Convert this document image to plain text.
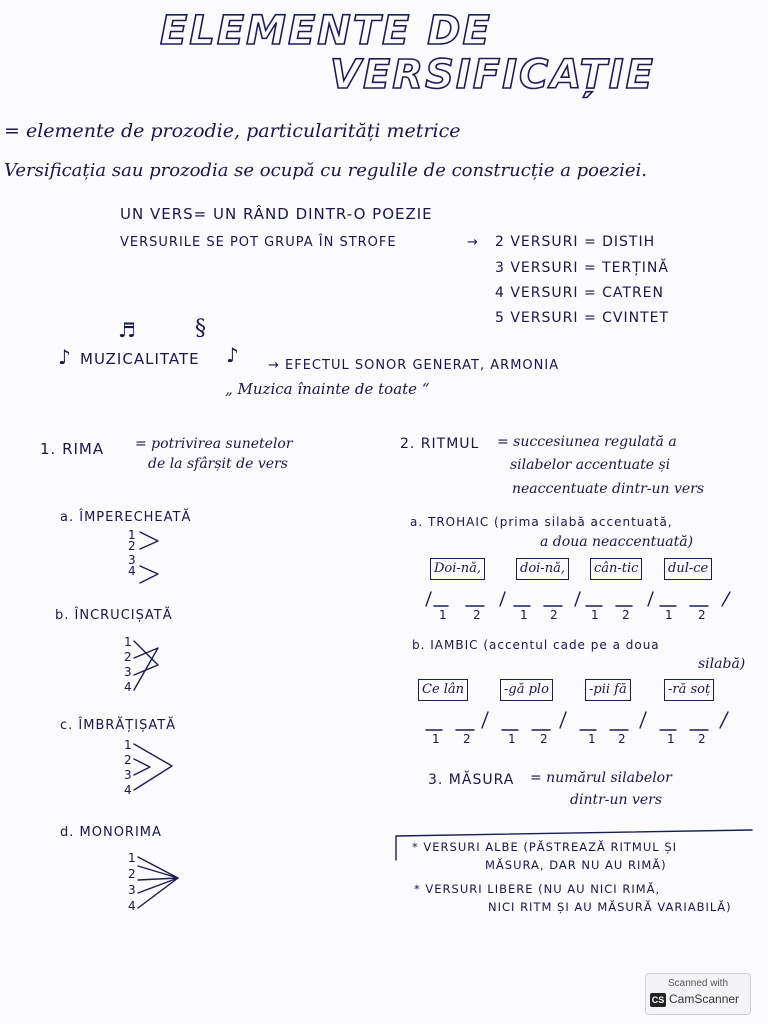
ELEMENTE DE
VERSIFICAȚIE
= elemente de prozodie, particularități metrice
Versificația sau prozodia se ocupă cu regulile de construcție a poeziei.
UN VERS= UN RÂND DINTR-O POEZIE
VERSURILE SE POT GRUPA ÎN STROFE	→ 2 VERSURI = DISTIH
3 VERSURI = TERȚINĂ
4 VERSURI = CATREN
5 VERSURI = CVINTET
♬	§
♪ MUZICALITATE ♪ → EFECTUL SONOR GENERAT, ARMONIA
„ Muzica înainte de toate “
1. RIMA = potrivirea sunetelor
de la sfârșit de vers
a. ÎMPERECHEATĂ
1
2
3
4
b. ÎNCRUCIȘATĂ
1
2
3
4
c. ÎMBRĂȚIȘATĂ
1
2
3
4
d. MONORIMA
1
2
3
4
2. RITMUL = succesiunea regulată a
silabelor accentuate și
neaccentuate dintr-un vers
a. TROHAIC (prima silabă accentuată,
a doua neaccentuată)
Doi-nă,	doi-nă,	cân-tic	dul-ce
1 2	1 2	1 2	1 2
b. IAMBIC (accentul cade pe a doua
silabă)
Ce lân	-gă plo	-pii fă	-ră soț
1 2	1 2	1 2	1 2
3. MĂSURA = numărul silabelor
dintr-un vers
* VERSURI ALBE (PĂSTREAZĂ RITMUL ȘI
MĂSURA, DAR NU AU RIMĂ)
* VERSURI LIBERE (NU AU NICI RIMĂ,
NICI RITM ȘI AU MĂSURĂ VARIABILĂ)
Scanned with
CS CamScanner
